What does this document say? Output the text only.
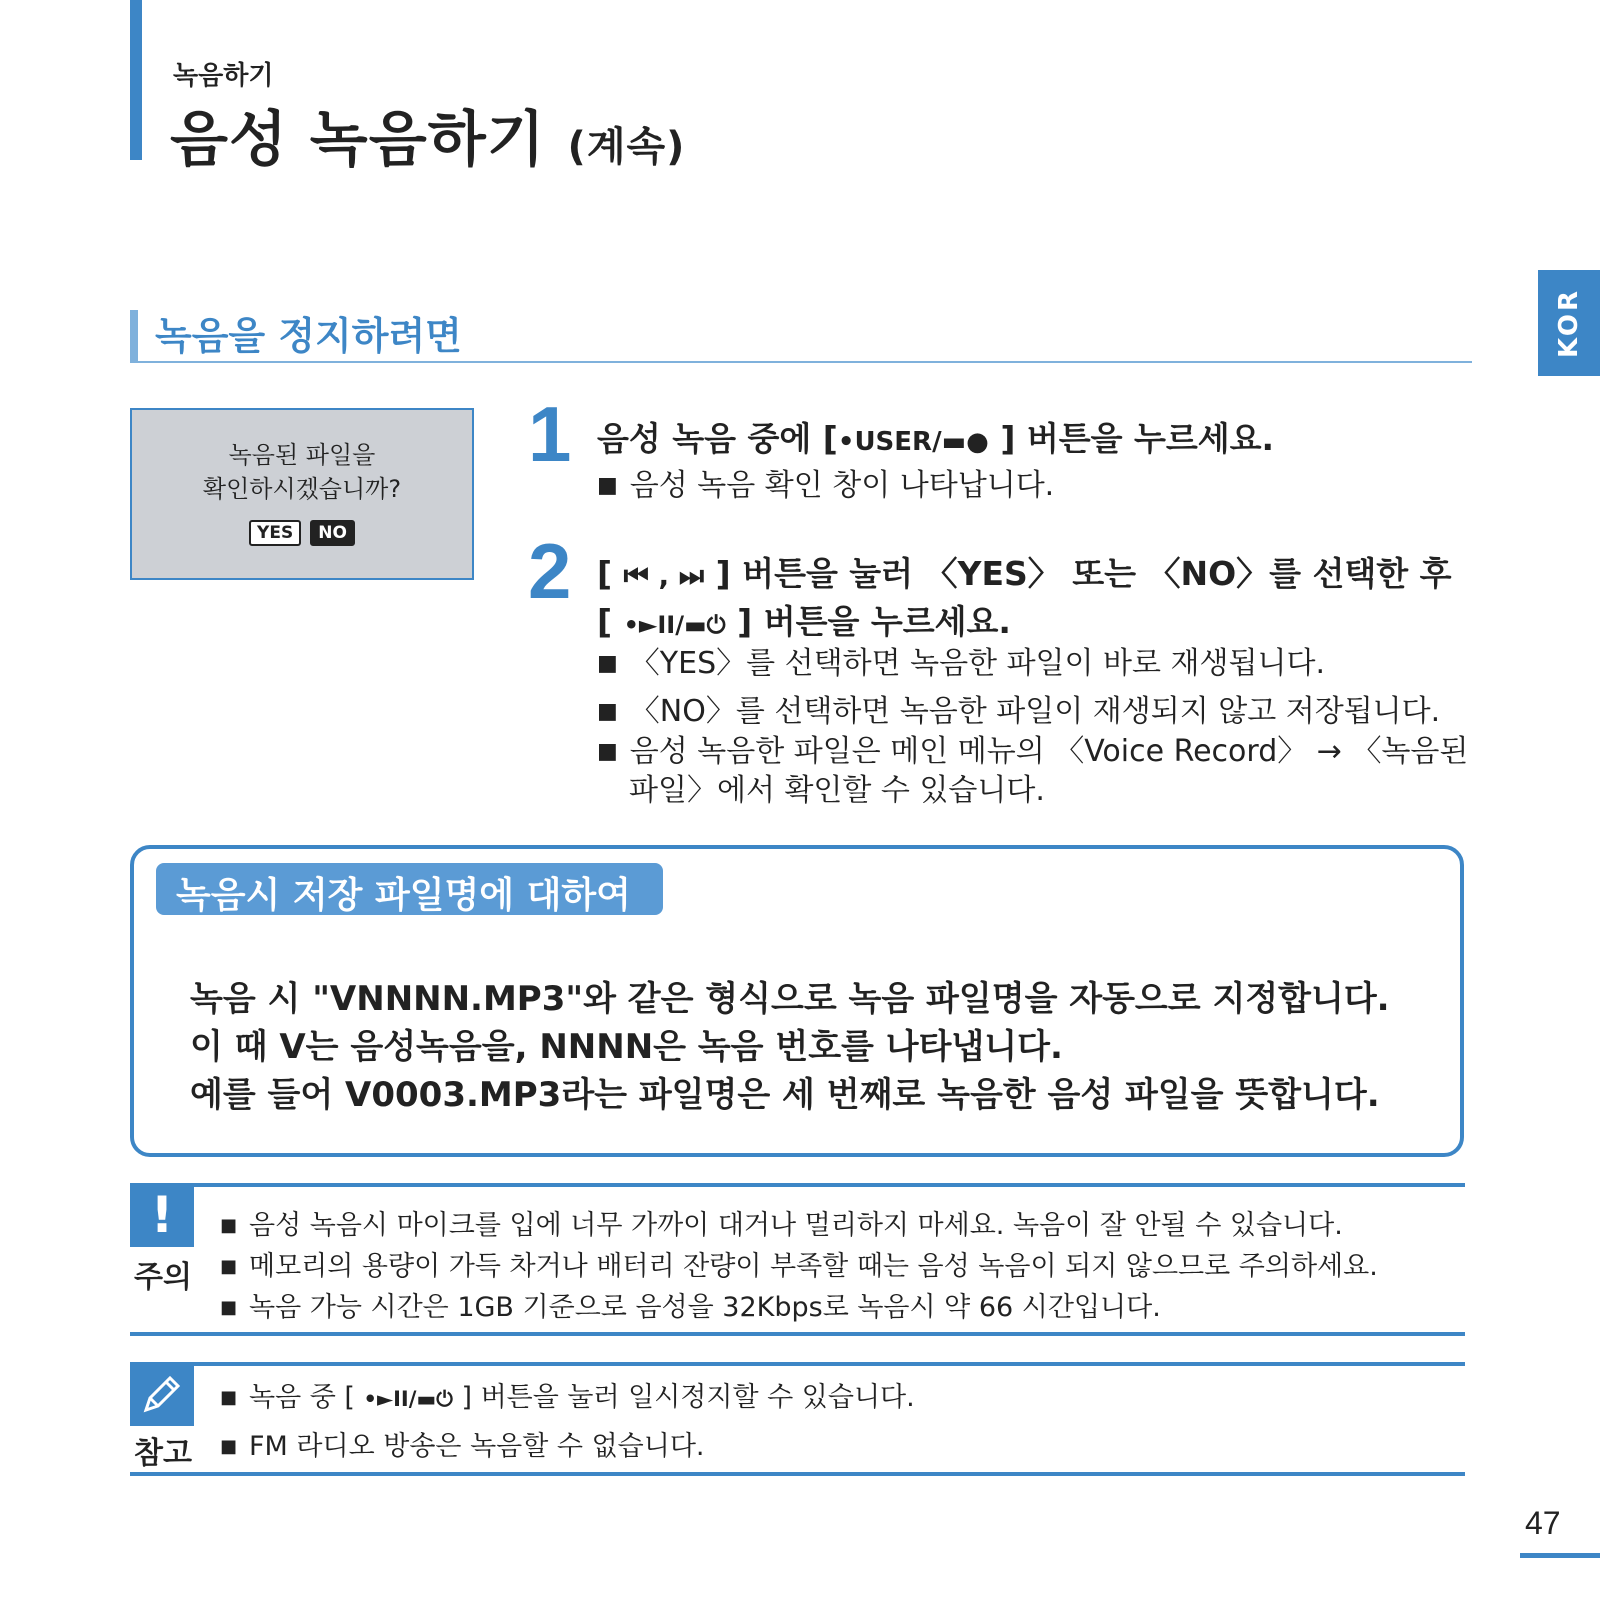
녹음하기
음성 녹음하기 (계속)
KOR
녹음을 정지하려면
녹음된 파일을
확인하시겠습니까?
YES NO
1 음성 녹음 중에 [•USER/▬● ] 버튼을 누르세요.
■ 음성 녹음 확인 창이 나타납니다.
2 [ ⏮ , ⏭ ] 버튼을 눌러 〈YES〉 또는 〈NO〉를 선택한 후
[ •►II/▬⏻ ] 버튼을 누르세요.
■ 〈YES〉를 선택하면 녹음한 파일이 바로 재생됩니다.
■ 〈NO〉를 선택하면 녹음한 파일이 재생되지 않고 저장됩니다.
■ 음성 녹음한 파일은 메인 메뉴의 〈Voice Record〉 → 〈녹음된 파일〉에서 확인할 수 있습니다.
녹음시 저장 파일명에 대하여
녹음 시 "VNNNN.MP3"와 같은 형식으로 녹음 파일명을 자동으로 지정합니다.
이 때 V는 음성녹음을, NNNN은 녹음 번호를 나타냅니다.
예를 들어 V0003.MP3라는 파일명은 세 번째로 녹음한 음성 파일을 뜻합니다.
!
주의
■ 음성 녹음시 마이크를 입에 너무 가까이 대거나 멀리하지 마세요. 녹음이 잘 안될 수 있습니다.
■ 메모리의 용량이 가득 차거나 배터리 잔량이 부족할 때는 음성 녹음이 되지 않으므로 주의하세요.
■ 녹음 가능 시간은 1GB 기준으로 음성을 32Kbps로 녹음시 약 66 시간입니다.
참고
■ 녹음 중 [ •►II/▬⏻ ] 버튼을 눌러 일시정지할 수 있습니다.
■ FM 라디오 방송은 녹음할 수 없습니다.
47
